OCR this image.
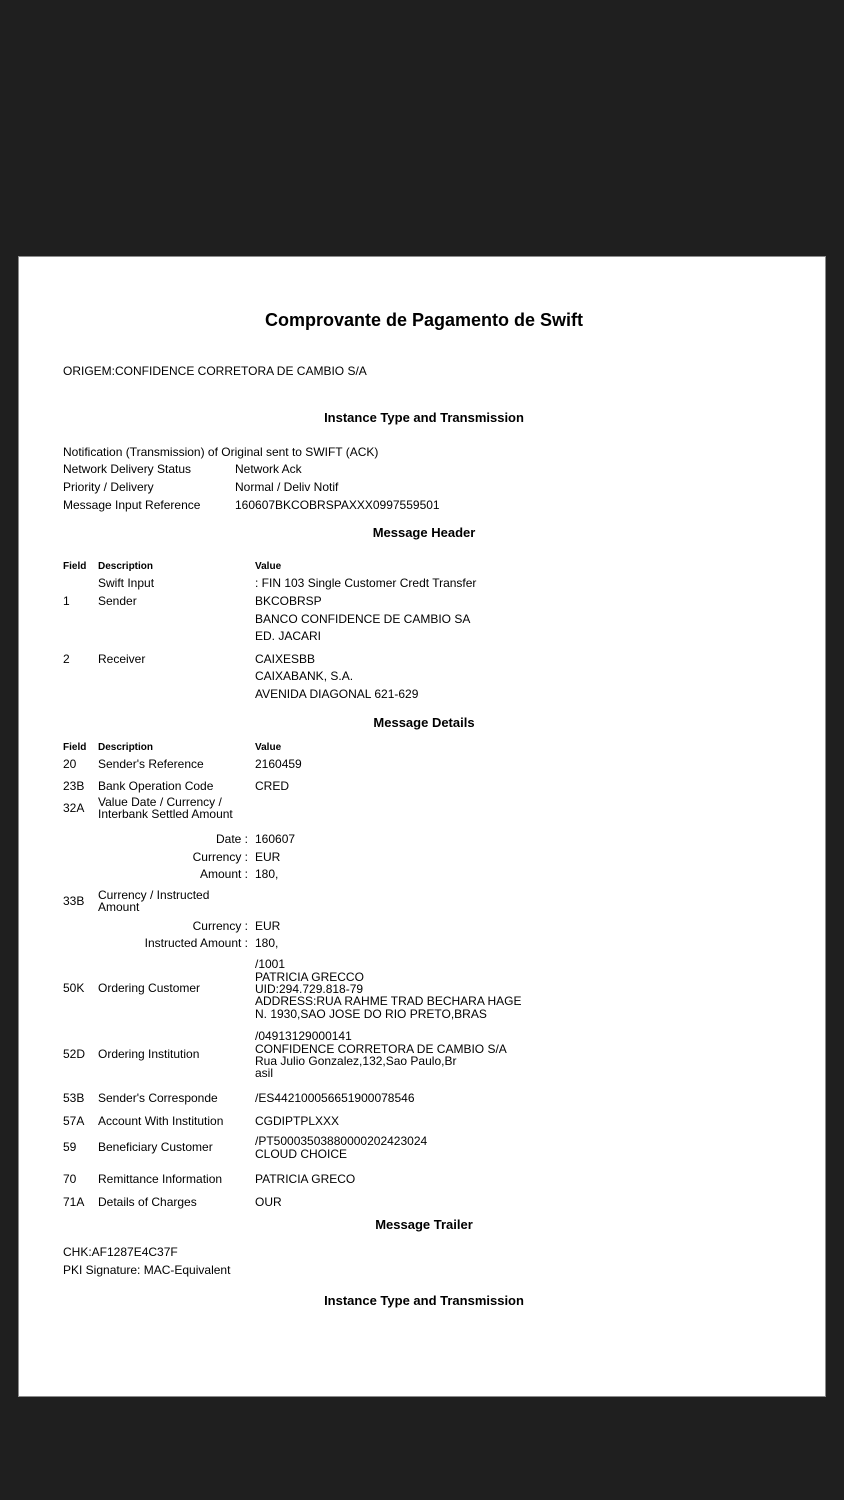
Comprovante de Pagamento de Swift
ORIGEM:CONFIDENCE CORRETORA DE CAMBIO S/A
Instance Type and Transmission
Notification (Transmission) of Original sent to SWIFT (ACK)
Network Delivery Status	Network Ack
Priority / Delivery	Normal / Deliv Notif
Message Input Reference	160607BKCOBRSPAXXX0997559501
Message Header
Field	Description	Value
Swift Input	: FIN 103 Single Customer Credt Transfer
1	Sender	BKCOBRSP
BANCO CONFIDENCE DE CAMBIO SA
ED. JACARI
2	Receiver	CAIXESBB
CAIXABANK, S.A.
AVENIDA DIAGONAL 621-629
Message Details
Field	Description	Value
20	Sender's Reference	2160459
23B	Bank Operation Code	CRED
32A	Value Date / Currency /
Interbank Settled Amount
Date : 160607
Currency : EUR
Amount : 180,
33B	Currency / Instructed
Amount
Currency : EUR
Instructed Amount : 180,
50K	Ordering Customer
/1001
PATRICIA GRECCO
UID:294.729.818-79
ADDRESS:RUA RAHME TRAD BECHARA HAGE
N. 1930,SAO JOSE DO RIO PRETO,BRAS
52D	Ordering Institution
/04913129000141
CONFIDENCE CORRETORA DE CAMBIO S/A
Rua Julio Gonzalez,132,Sao Paulo,Br
asil
53B	Sender's Corresponde	/ES442100056651900078546
57A	Account With Institution	CGDIPTPLXXX
59	Beneficiary Customer	/PT50003503880000202423024
CLOUD CHOICE
70	Remittance Information	PATRICIA GRECO
71A	Details of Charges	OUR
Message Trailer
CHK:AF1287E4C37F
PKI Signature: MAC-Equivalent
Instance Type and Transmission
